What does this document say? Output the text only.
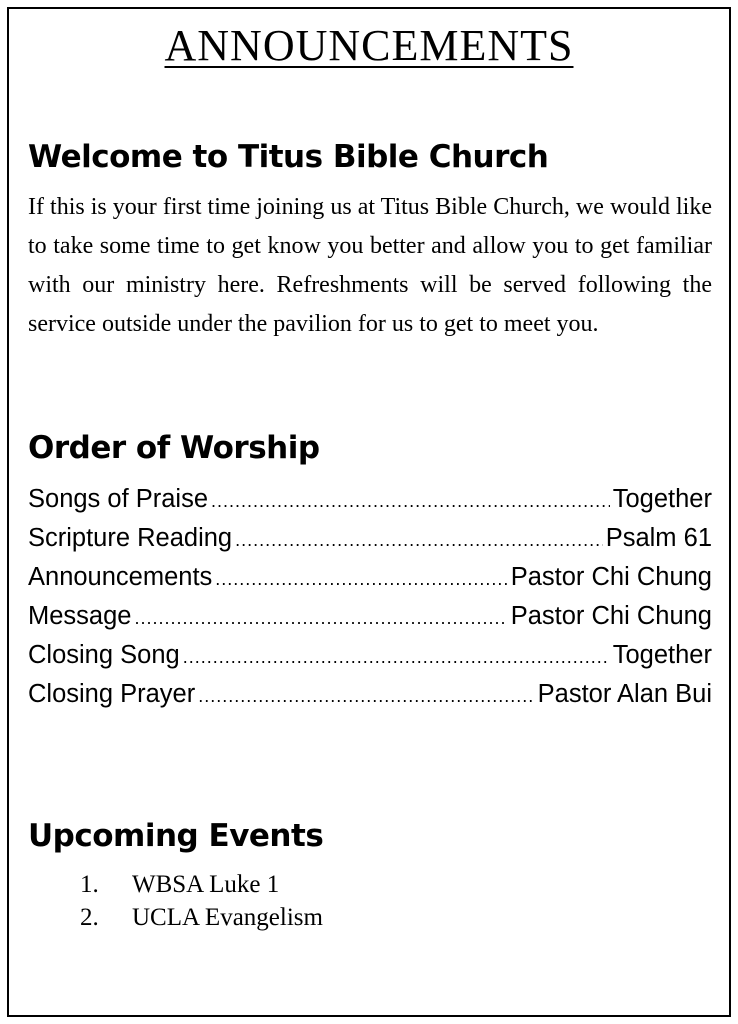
ANNOUNCEMENTS
Welcome to Titus Bible Church
If this is your first time joining us at Titus Bible Church, we would like to take some time to get know you better and allow you to get familiar with our ministry here. Refreshments will be served following the service outside under the pavilion for us to get to meet you.
Order of Worship
Songs of Praise .....	Together
Scripture Reading .....	Psalm 61
Announcements .....	Pastor Chi Chung
Message .....	Pastor Chi Chung
Closing Song .....	Together
Closing Prayer .....	Pastor Alan Bui
Upcoming Events
1. WBSA Luke 1
2. UCLA Evangelism
